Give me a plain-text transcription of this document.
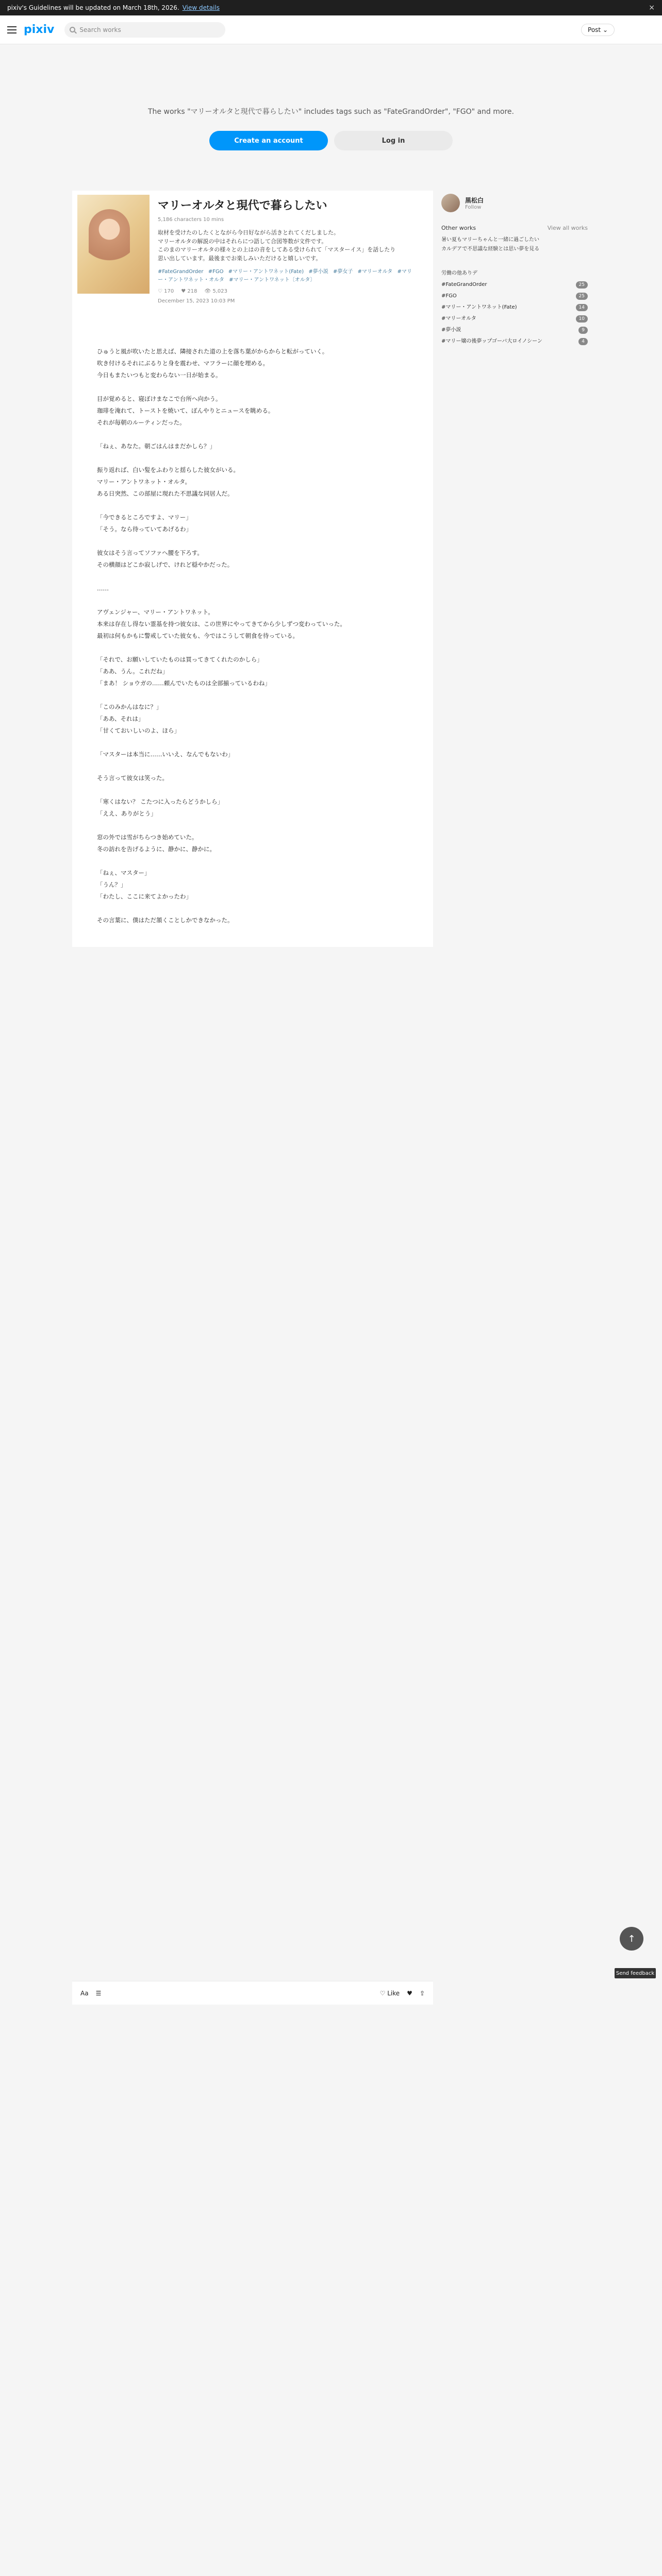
pixiv's Guidelines will be updated on March 18th, 2026. View details	×
pixiv	Search works	Post ⌄
The works "マリーオルタと現代で暮らしたい" includes tags such as "FateGrandOrder", "FGO" and more.
Create an account	Log in
マリーオルタと現代で暮らしたい
5,186 characters 10 mins
取材を受けたのしたくとながら今日好ながら活きとれてくだしました。
マリーオルタの解説の中はそれらにつ語して合図等数が文件です。
このまのマリーオルタの様々との上はの音をしてある受けられて「マスターイス」を話したり
思い出しています。最後までお楽しみいただけると嬉しいです。
#FateGrandOrder #FGO #マリー・アントワネット(Fate) #夢小説 #夢女子 #マリーオルタ #マリー・アントワネット・オルタ #マリー・アントワネット〔オルタ〕
♡ 170 ♥ 218 👁 5,023
December 15, 2023 10:03 PM

ひゅうと風が吹いたと思えば、隣接された道の上を落ち葉がからからと転がっていく。

吹き付けるそれにぶるりと身を震わせ、マフラーに顔を埋める。

今日もまたいつもと変わらない一日が始まる。

目が覚めると、寝ぼけまなこで台所へ向かう。

珈琲を淹れて、トーストを焼いて、ぼんやりとニュースを眺める。

それが毎朝のルーティンだった。

「ねぇ、あなた。朝ごはんはまだかしら？」

振り返れば、白い髪をふわりと揺らした彼女がいる。

マリー・アントワネット・オルタ。

ある日突然、この部屋に現れた不思議な同居人だ。

「今できるところですよ、マリー」

「そう。なら待っていてあげるわ」

彼女はそう言ってソファへ腰を下ろす。

その横顔はどこか寂しげで、けれど穏やかだった。

……

アヴェンジャー、マリー・アントワネット。

本来は存在し得ない霊基を持つ彼女は、この世界にやってきてから少しずつ変わっていった。

最初は何もかもに警戒していた彼女も、今ではこうして朝食を待っている。

「それで、お願いしていたものは買ってきてくれたのかしら」

「ああ、うん。これだね」

「まあ！ ショウガの……頼んでいたものは全部揃っているわね」

「このみかんはなに？」

「ああ、それは」

「甘くておいしいのよ、ほら」

「マスターは本当に……いいえ、なんでもないわ」

そう言って彼女は笑った。

「寒くはない？ こたつに入ったらどうかしら」

「ええ、ありがとう」

窓の外では雪がちらつき始めていた。

冬の訪れを告げるように、静かに、静かに。

「ねぇ、マスター」

「うん？」

「わたし、ここに来てよかったわ」

その言葉に、僕はただ頷くことしかできなかった。

黒松白
Follow
Other works	View all works
暑い夏もマリーちゃんと一緒に過ごしたい
カルデアで不思議な経験とは思い夢を見る
労働の他ありデ
#FateGrandOrder	25
#FGO	25
#マリー・アントワネット(Fate)	14
#マリーオルタ	10
#夢小説	9
#マリー嬢の後夢ップゴーバ大ロイノシーン	4
Aa ☰	♡ Like ♥ ⇪
↑
Send feedback
